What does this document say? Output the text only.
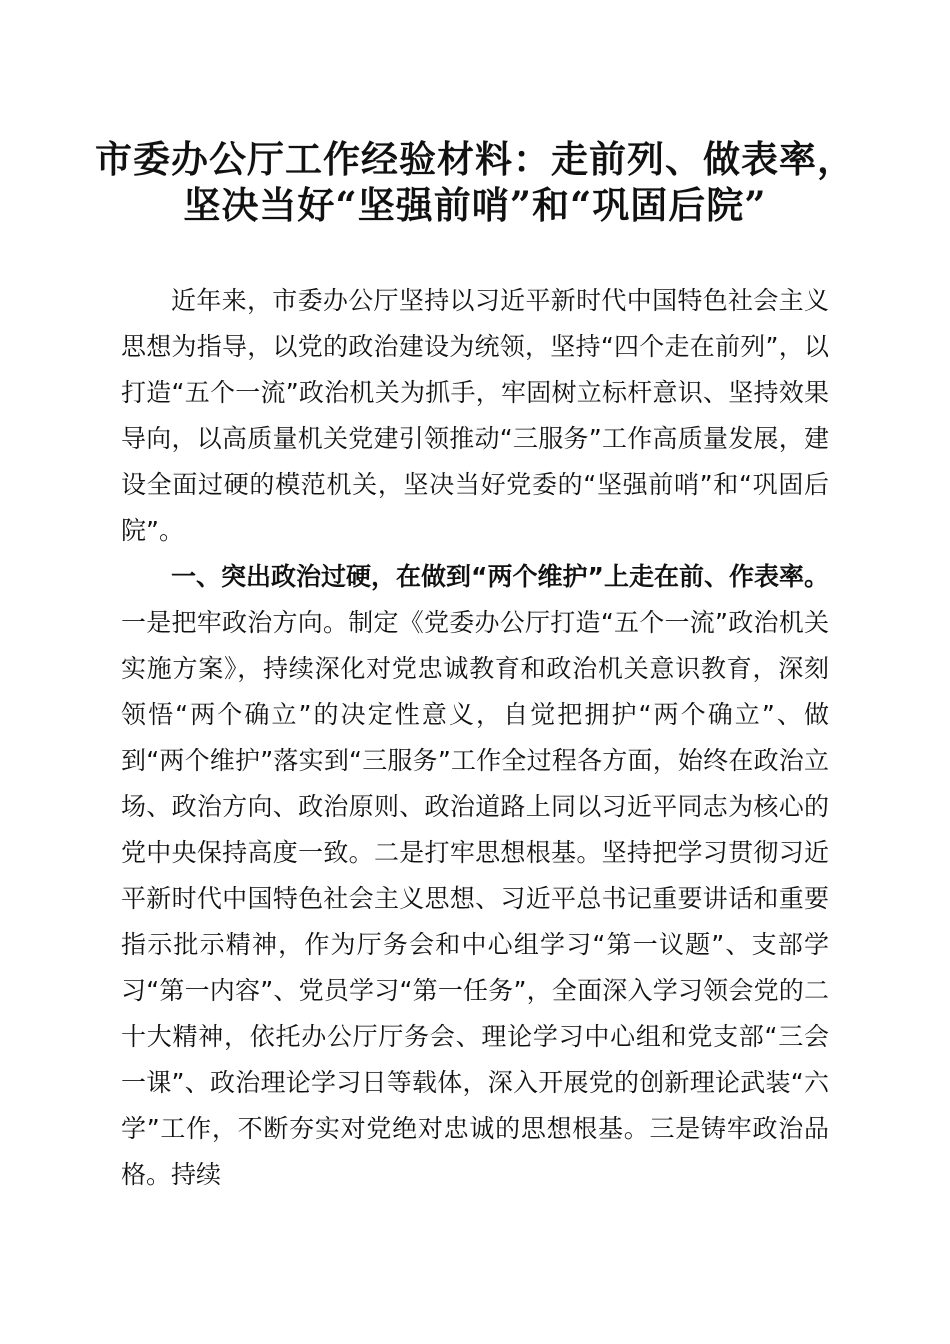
市委办公厅工作经验材料：走前列、做表率，
坚决当好“坚强前哨”和“巩固后院”

近年来，市委办公厅坚持以习近平新时代中国特色社会主义思想为指导，以党的政治建设为统领，坚持“四个走在前列”，以打造“五个一流”政治机关为抓手，牢固树立标杆意识、坚持效果导向，以高质量机关党建引领推动“三服务”工作高质量发展，建设全面过硬的模范机关，坚决当好党委的“坚强前哨”和“巩固后院”。

一、突出政治过硬，在做到“两个维护”上走在前、作表率。一是把牢政治方向。制定《党委办公厅打造“五个一流”政治机关实施方案》，持续深化对党忠诚教育和政治机关意识教育，深刻领悟“两个确立”的决定性意义，自觉把拥护“两个确立”、做到“两个维护”落实到“三服务”工作全过程各方面，始终在政治立场、政治方向、政治原则、政治道路上同以习近平同志为核心的党中央保持高度一致。二是打牢思想根基。坚持把学习贯彻习近平新时代中国特色社会主义思想、习近平总书记重要讲话和重要指示批示精神，作为厅务会和中心组学习“第一议题”、支部学习“第一内容”、党员学习“第一任务”，全面深入学习领会党的二十大精神，依托办公厅厅务会、理论学习中心组和党支部“三会一课”、政治理论学习日等载体，深入开展党的创新理论武装“六学”工作，不断夯实对党绝对忠诚的思想根基。三是铸牢政治品格。持续
